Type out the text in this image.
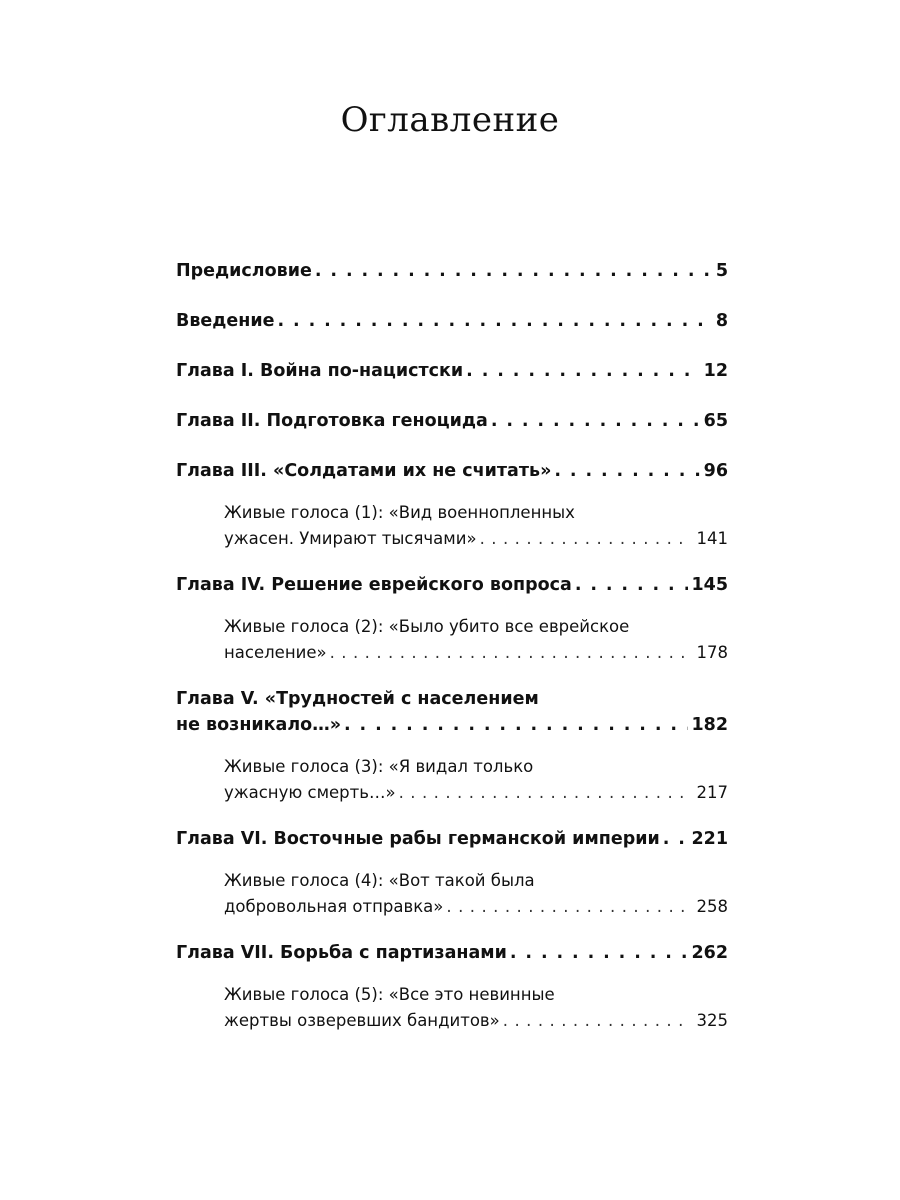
Оглавление
Предисловие . . .	5
Введение . . .	8
Глава I. Война по-нацистски . . .	12
Глава II. Подготовка геноцида . . .	65
Глава III. «Солдатами их не считать» . . .	96
Живые голоса (1): «Вид военнопленных
ужасен. Умирают тысячами» . . .	141
Глава IV. Решение еврейского вопроса . . .	145
Живые голоса (2): «Было убито все еврейское
население» . . .	178
Глава V. «Трудностей с населением
не возникало…» . . .	182
Живые голоса (3): «Я видал только
ужасную смерть…» . . .	217
Глава VI. Восточные рабы германской империи . . . 221
Живые голоса (4): «Вот такой была
добровольная отправка» . . .	258
Глава VII. Борьба с партизанами . . .	262
Живые голоса (5): «Все это невинные
жертвы озверевших бандитов» . . .	325
